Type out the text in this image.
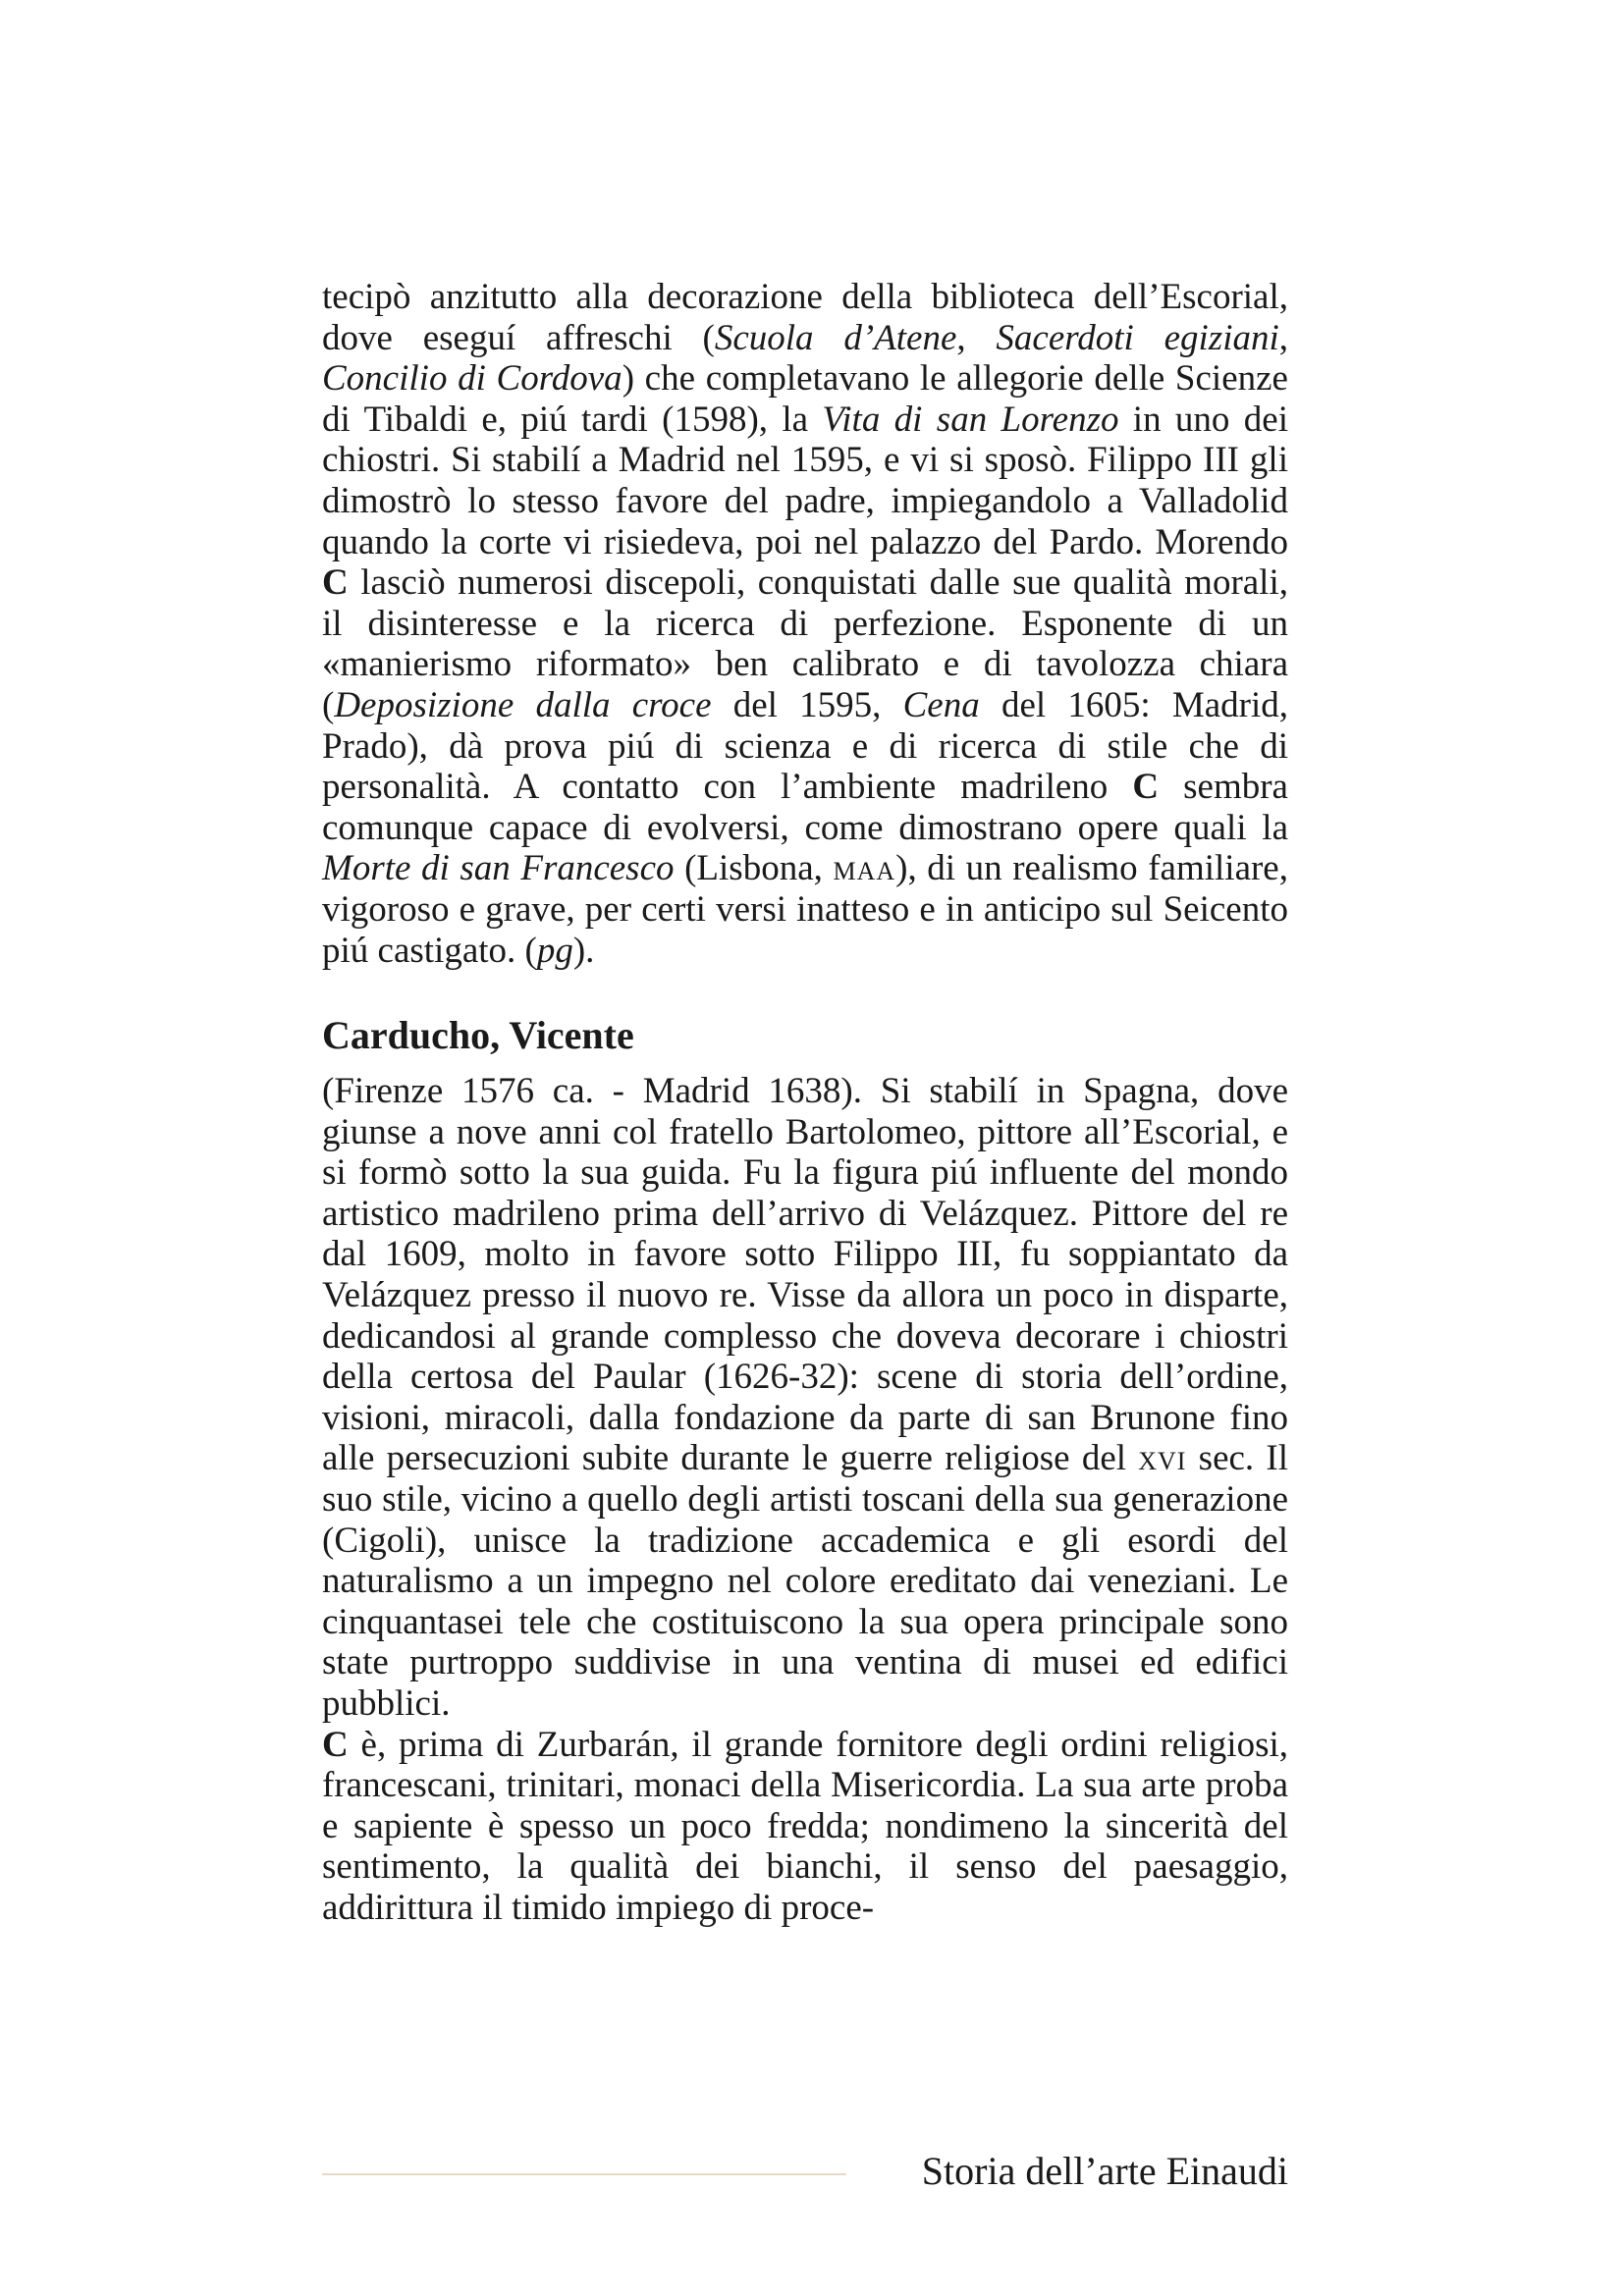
tecipò anzitutto alla decorazione della biblioteca dell’Escorial, dove eseguí affreschi (Scuola d’Atene, Sacerdoti egiziani, Concilio di Cordova) che completavano le allegorie delle Scienze di Tibaldi e, piú tardi (1598), la Vita di san Lorenzo in uno dei chiostri. Si stabilí a Madrid nel 1595, e vi si sposò. Filippo III gli dimostrò lo stesso favore del padre, impiegandolo a Valladolid quando la corte vi risiedeva, poi nel palazzo del Pardo. Morendo C lasciò numerosi discepoli, conquistati dalle sue qualità morali, il disinteresse e la ricerca di perfezione. Esponente di un «manierismo riformato» ben calibrato e di tavolozza chiara (Deposizione dalla croce del 1595, Cena del 1605: Madrid, Prado), dà prova piú di scienza e di ricerca di stile che di personalità. A contatto con l’ambiente madrileno C sembra comunque capace di evolversi, come dimostrano opere quali la Morte di san Francesco (Lisbona, maa), di un realismo familiare, vigoroso e grave, per certi versi inatteso e in anticipo sul Seicento piú castigato. (pg).

Carducho, Vicente

(Firenze 1576 ca. - Madrid 1638). Si stabilí in Spagna, dove giunse a nove anni col fratello Bartolomeo, pittore all’Escorial, e si formò sotto la sua guida. Fu la figura piú influente del mondo artistico madrileno prima dell’arrivo di Velázquez. Pittore del re dal 1609, molto in favore sotto Filippo III, fu soppiantato da Velázquez presso il nuovo re. Visse da allora un poco in disparte, dedicandosi al grande complesso che doveva decorare i chiostri della certosa del Paular (1626-32): scene di storia dell’ordine, visioni, miracoli, dalla fondazione da parte di san Brunone fino alle persecuzioni subite durante le guerre religiose del xvi sec. Il suo stile, vicino a quello degli artisti toscani della sua generazione (Cigoli), unisce la tradizione accademica e gli esordi del naturalismo a un impegno nel colore ereditato dai veneziani. Le cinquantasei tele che costituiscono la sua opera principale sono state purtroppo suddivise in una ventina di musei ed edifici pubblici.

C è, prima di Zurbarán, il grande fornitore degli ordini religiosi, francescani, trinitari, monaci della Misericordia. La sua arte proba e sapiente è spesso un poco fredda; nondimeno la sincerità del sentimento, la qualità dei bianchi, il senso del paesaggio, addirittura il timido impiego di proce-

Storia dell’arte Einaudi
